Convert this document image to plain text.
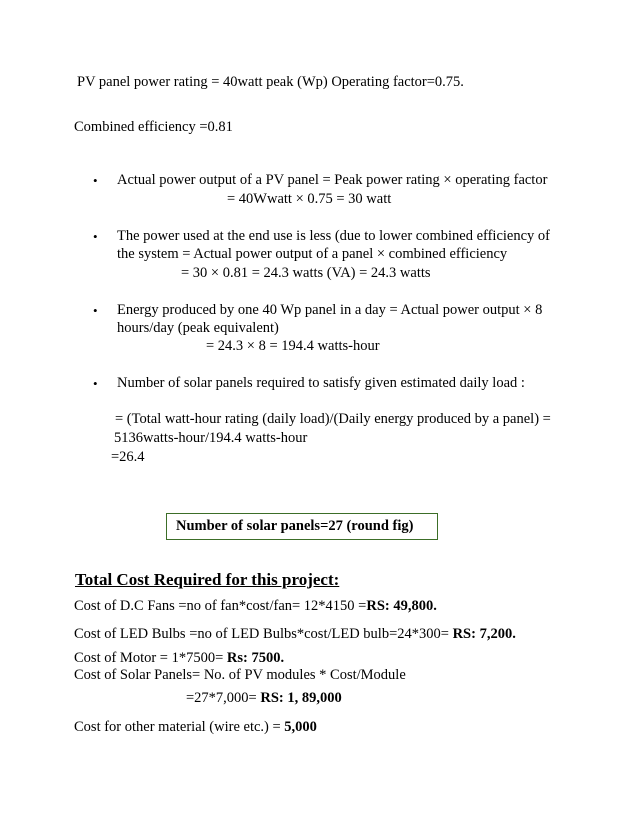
PV panel power rating = 40watt peak (Wp) Operating factor=0.75.
Combined efficiency =0.81
• Actual power output of a PV panel = Peak power rating × operating factor
= 40Wwatt × 0.75 = 30 watt
• The power used at the end use is less (due to lower combined efficiency of
the system = Actual power output of a panel × combined efficiency
= 30 × 0.81 = 24.3 watts (VA) = 24.3 watts
• Energy produced by one 40 Wp panel in a day = Actual power output × 8
hours/day (peak equivalent)
= 24.3 × 8 = 194.4 watts-hour
• Number of solar panels required to satisfy given estimated daily load :
= (Total watt-hour rating (daily load)/(Daily energy produced by a panel) =
5136watts-hour/194.4 watts-hour
=26.4
Number of solar panels=27 (round fig)
Total Cost Required for this project:
Cost of D.C Fans =no of fan*cost/fan= 12*4150 =RS: 49,800.
Cost of LED Bulbs =no of LED Bulbs*cost/LED bulb=24*300= RS: 7,200.
Cost of Motor = 1*7500= Rs: 7500.
Cost of Solar Panels= No. of PV modules * Cost/Module
=27*7,000= RS: 1, 89,000
Cost for other material (wire etc.) = 5,000
